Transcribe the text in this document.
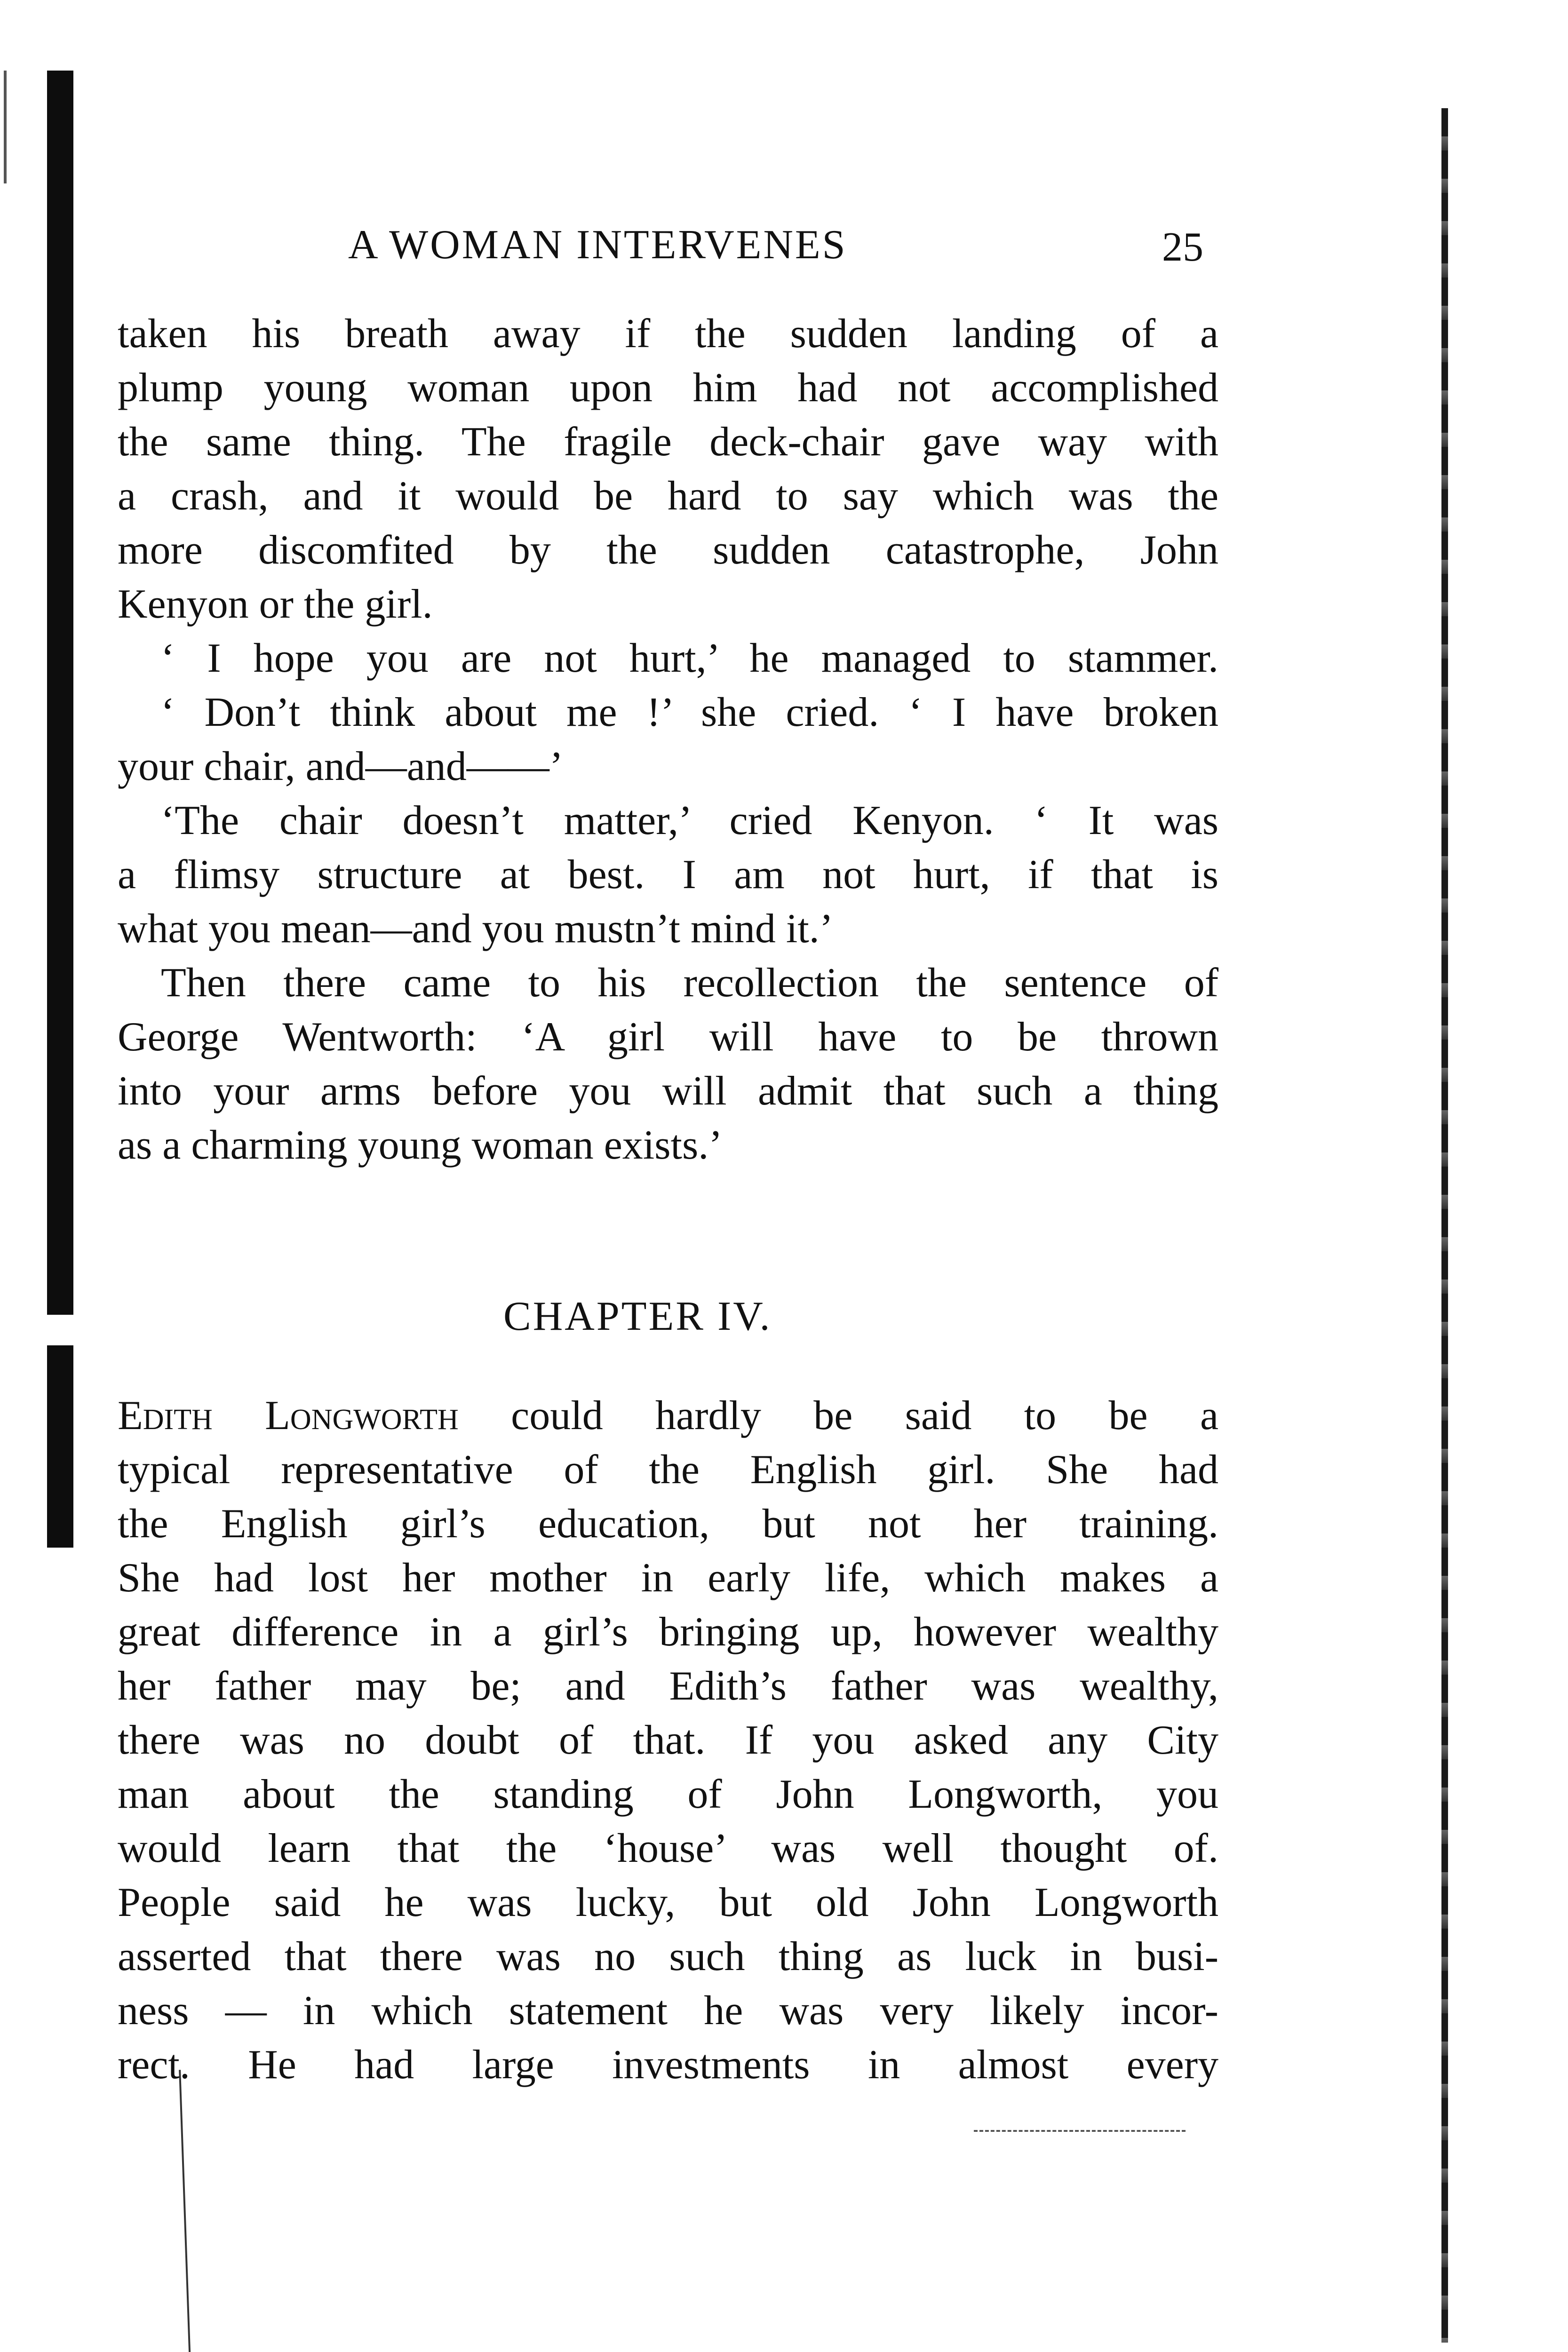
A WOMAN INTERVENES	25
taken his breath away if the sudden landing of a
plump young woman upon him had not accomplished
the same thing. The fragile deck-chair gave way with
a crash, and it would be hard to say which was the
more discomfited by the sudden catastrophe, John
Kenyon or the girl.
‘ I hope you are not hurt,’ he managed to stammer.
‘ Don’t think about me !’ she cried. ‘ I have broken
your chair, and—and——’
‘The chair doesn’t matter,’ cried Kenyon. ‘ It was
a flimsy structure at best. I am not hurt, if that is
what you mean—and you mustn’t mind it.’
Then there came to his recollection the sentence of
George Wentworth: ‘A girl will have to be thrown
into your arms before you will admit that such a thing
as a charming young woman exists.’
CHAPTER IV.
Edith Longworth could hardly be said to be a
typical representative of the English girl. She had
the English girl’s education, but not her training.
She had lost her mother in early life, which makes a
great difference in a girl’s bringing up, however wealthy
her father may be; and Edith’s father was wealthy,
there was no doubt of that. If you asked any City
man about the standing of John Longworth, you
would learn that the ‘house’ was well thought of.
People said he was lucky, but old John Longworth
asserted that there was no such thing as luck in busi-
ness — in which statement he was very likely incor-
rect. He had large investments in almost every
